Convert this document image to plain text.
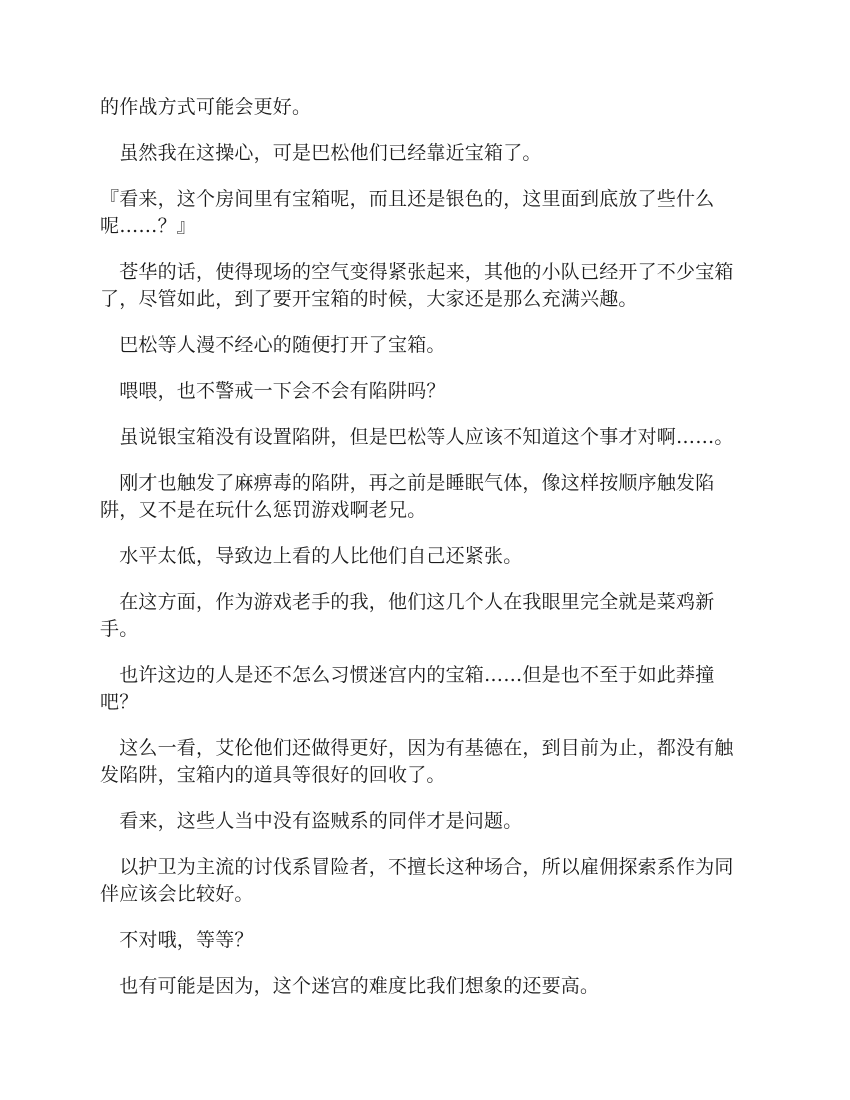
的作战方式可能会更好。

　虽然我在这操心，可是巴松他们已经靠近宝箱了。

『看来，这个房间里有宝箱呢，而且还是银色的，这里面到底放了些什么呢……？』

　苍华的话，使得现场的空气变得紧张起来，其他的小队已经开了不少宝箱了，尽管如此，到了要开宝箱的时候，大家还是那么充满兴趣。

　巴松等人漫不经心的随便打开了宝箱。

　喂喂，也不警戒一下会不会有陷阱吗？

　虽说银宝箱没有设置陷阱，但是巴松等人应该不知道这个事才对啊……。

　刚才也触发了麻痹毒的陷阱，再之前是睡眠气体，像这样按顺序触发陷阱，又不是在玩什么惩罚游戏啊老兄。

　水平太低，导致边上看的人比他们自己还紧张。

　在这方面，作为游戏老手的我，他们这几个人在我眼里完全就是菜鸡新手。

　也许这边的人是还不怎么习惯迷宫内的宝箱……但是也不至于如此莽撞吧？

　这么一看，艾伦他们还做得更好，因为有基德在，到目前为止，都没有触发陷阱，宝箱内的道具等很好的回收了。

　看来，这些人当中没有盗贼系的同伴才是问题。

　以护卫为主流的讨伐系冒险者，不擅长这种场合，所以雇佣探索系作为同伴应该会比较好。

　不对哦，等等？

　也有可能是因为，这个迷宫的难度比我们想象的还要高。
